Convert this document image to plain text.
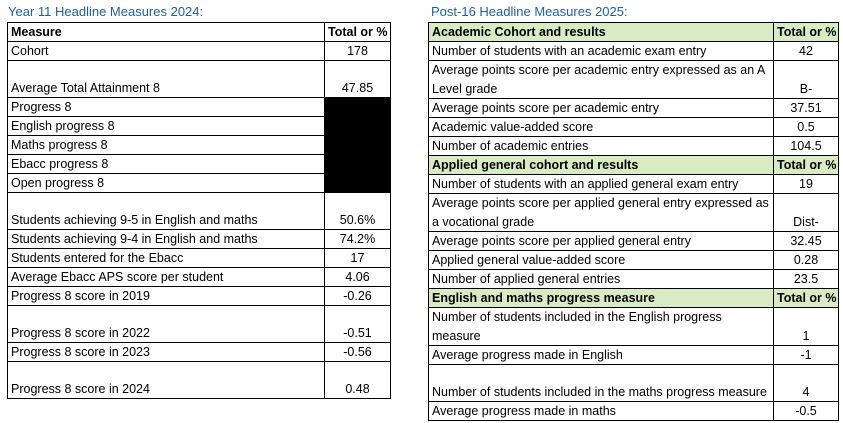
Year 11 Headline Measures 2024:
Measure	Total or %
Cohort	178
Average Total Attainment 8	47.85
Progress 8	
English progress 8	
Maths progress 8	
Ebacc progress 8	
Open progress 8	
Students achieving 9-5 in English and maths	50.6%
Students achieving 9-4 in English and maths	74.2%
Students entered for the Ebacc	17
Average Ebacc APS score per student	4.06
Progress 8 score in 2019	-0.26
Progress 8 score in 2022	-0.51
Progress 8 score in 2023	-0.56
Progress 8 score in 2024	0.48
Post-16 Headline Measures 2025:
Academic Cohort and results	Total or %
Number of students with an academic exam entry	42
Average points score per academic entry expressed as an A Level grade	B-
Average points score per academic entry	37.51
Academic value-added score	0.5
Number of academic entries	104.5
Applied general cohort and results	Total or %
Number of students with an applied general exam entry	19
Average points score per applied general entry expressed as a vocational grade	Dist-
Average points score per applied general entry	32.45
Applied general value-added score	0.28
Number of applied general entries	23.5
English and maths progress measure	Total or %
Number of students included in the English progress measure	1
Average progress made in English	-1
Number of students included in the maths progress measure	4
Average progress made in maths	-0.5
